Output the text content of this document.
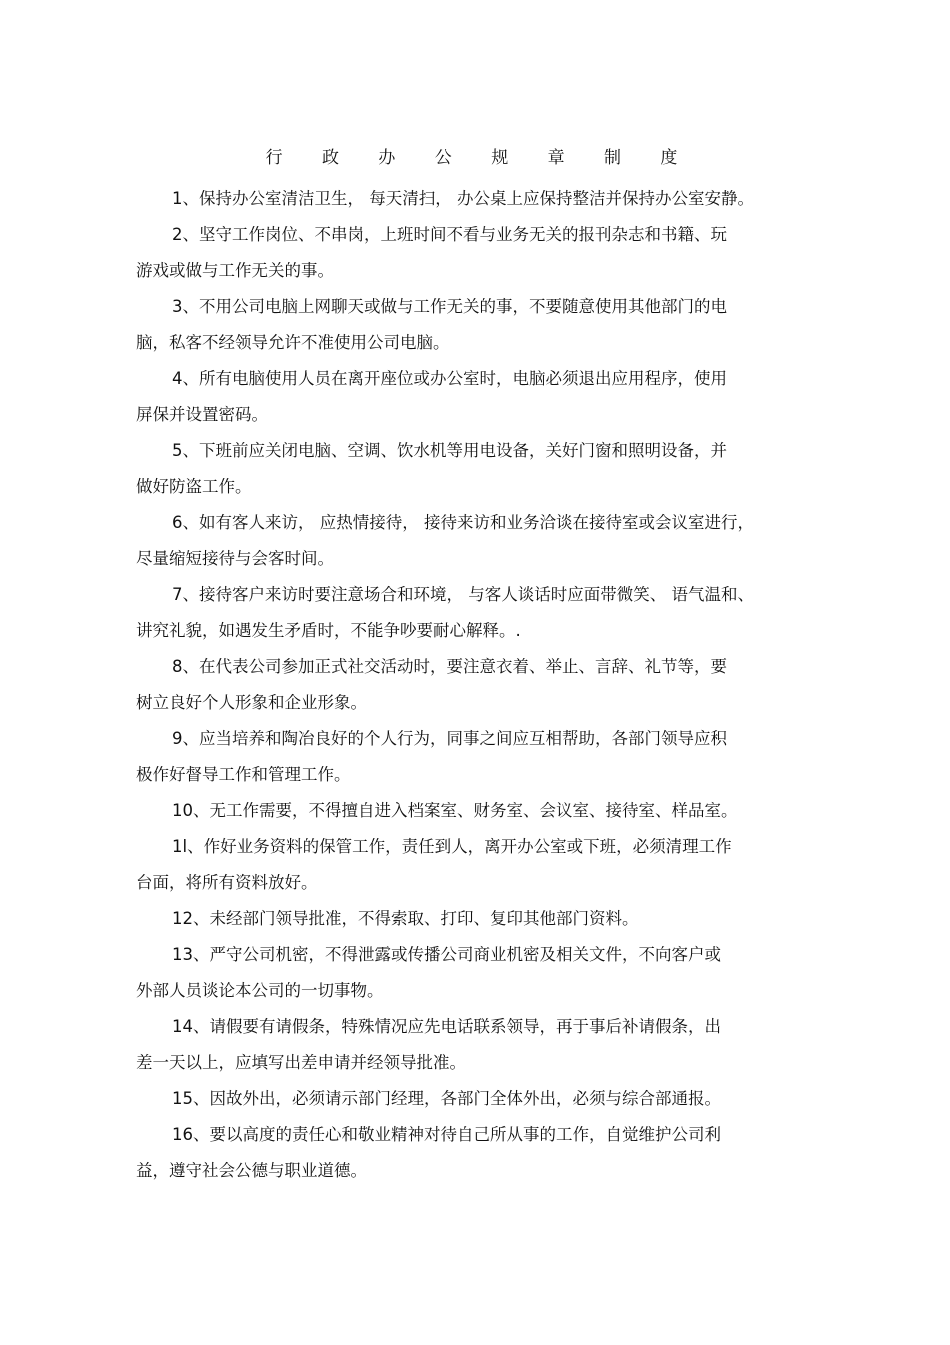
行 政 办 公 规 章 制 度
1、保持办公室清洁卫生， 每天清扫， 办公桌上应保持整洁并保持办公室安静。
2、坚守工作岗位、不串岗，上班时间不看与业务无关的报刊杂志和书籍、玩
游戏或做与工作无关的事。
3、不用公司电脑上网聊天或做与工作无关的事，不要随意使用其他部门的电
脑，私客不经领导允许不准使用公司电脑。
4、所有电脑使用人员在离开座位或办公室时，电脑必须退出应用程序，使用
屏保并设置密码。
5、下班前应关闭电脑、空调、饮水机等用电设备，关好门窗和照明设备，并
做好防盗工作。
6、如有客人来访， 应热情接待， 接待来访和业务洽谈在接待室或会议室进行，
尽量缩短接待与会客时间。
7、接待客户来访时要注意场合和环境， 与客人谈话时应面带微笑、 语气温和、
讲究礼貌，如遇发生矛盾时，不能争吵要耐心解释。.
8、在代表公司参加正式社交活动时，要注意衣着、举止、言辞、礼节等，要
树立良好个人形象和企业形象。
9、应当培养和陶冶良好的个人行为，同事之间应互相帮助，各部门领导应积
极作好督导工作和管理工作。
10、无工作需要，不得擅自进入档案室、财务室、会议室、接待室、样品室。
1l、作好业务资料的保管工作，责任到人，离开办公室或下班，必须清理工作
台面，将所有资料放好。
12、未经部门领导批准，不得索取、打印、复印其他部门资料。
13、严守公司机密，不得泄露或传播公司商业机密及相关文件，不向客户或
外部人员谈论本公司的一切事物。
14、请假要有请假条，特殊情况应先电话联系领导，再于事后补请假条，出
差一天以上，应填写出差申请并经领导批准。
15、因故外出，必须请示部门经理，各部门全体外出，必须与综合部通报。
16、要以高度的责任心和敬业精神对待自己所从事的工作，自觉维护公司利
益，遵守社会公德与职业道德。
